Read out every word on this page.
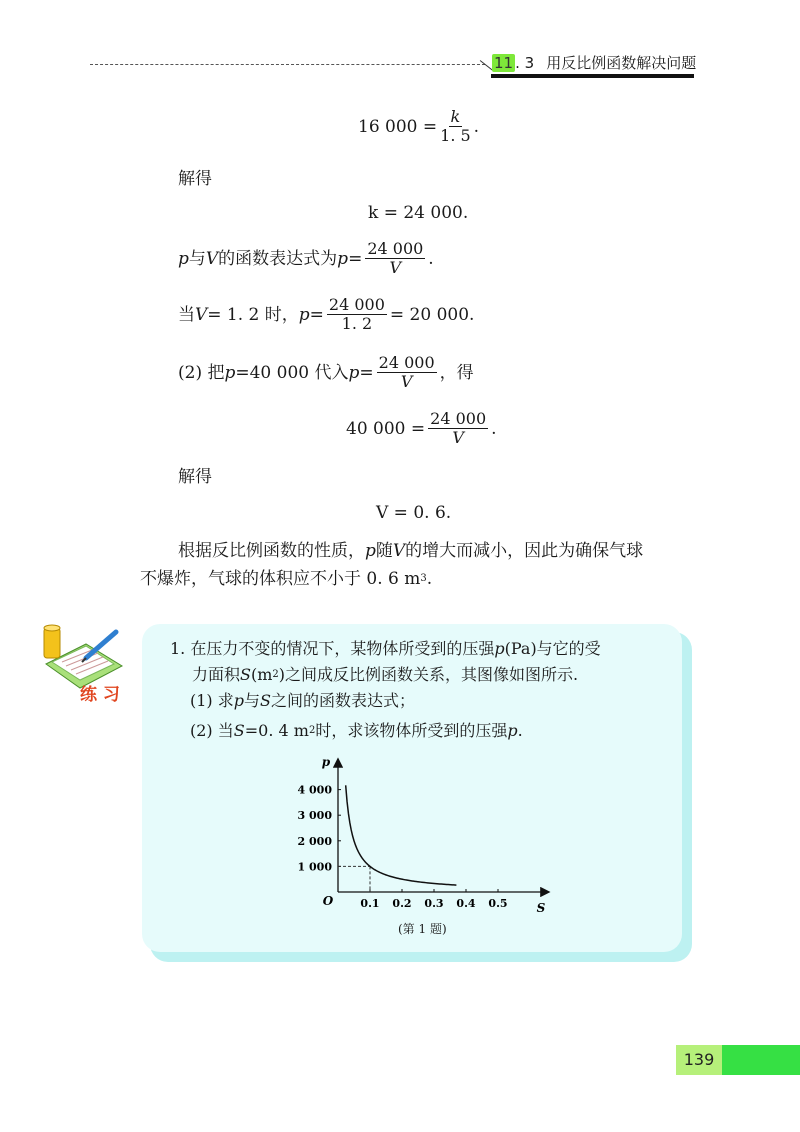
11 . 3 用反比例函数解决问题
16 $000 = \frac{k}{1. 5}$ .
解得
k = 24 000.
p 与 V 的函数表达式为 $p = \frac{24 000}{V}$ .
当 V = 1. 2 时， $p = \frac{24 000}{1. 2} = 20$ 000.
(2) 把 p =40 000 代入 $p = \frac{24 000}{V}$ ，得
40 $000 = \frac{24 000}{V}$ .
解得
V = 0. 6.
根据反比例函数的性质， p 随 V 的增大而减小，因此为确保气球
不爆炸，气球的体积应不小于 0. 6 m 3 .
练 习
1. 在压力不变的情况下，某物体所受到的压强 p (Pa)与它的受
力面积 S (m 2 )之间成反比例函数关系，其图像如图所示.
(1) 求 p 与 S 之间的函数表达式；
(2) 当 S =0. 4 m 2 时，求该物体所受到的压强 p .
p
S
O 0.1 0.2 0.3 0.4 0.5
1 000
2 000
3 000
4 000
(第 1 题)
139
